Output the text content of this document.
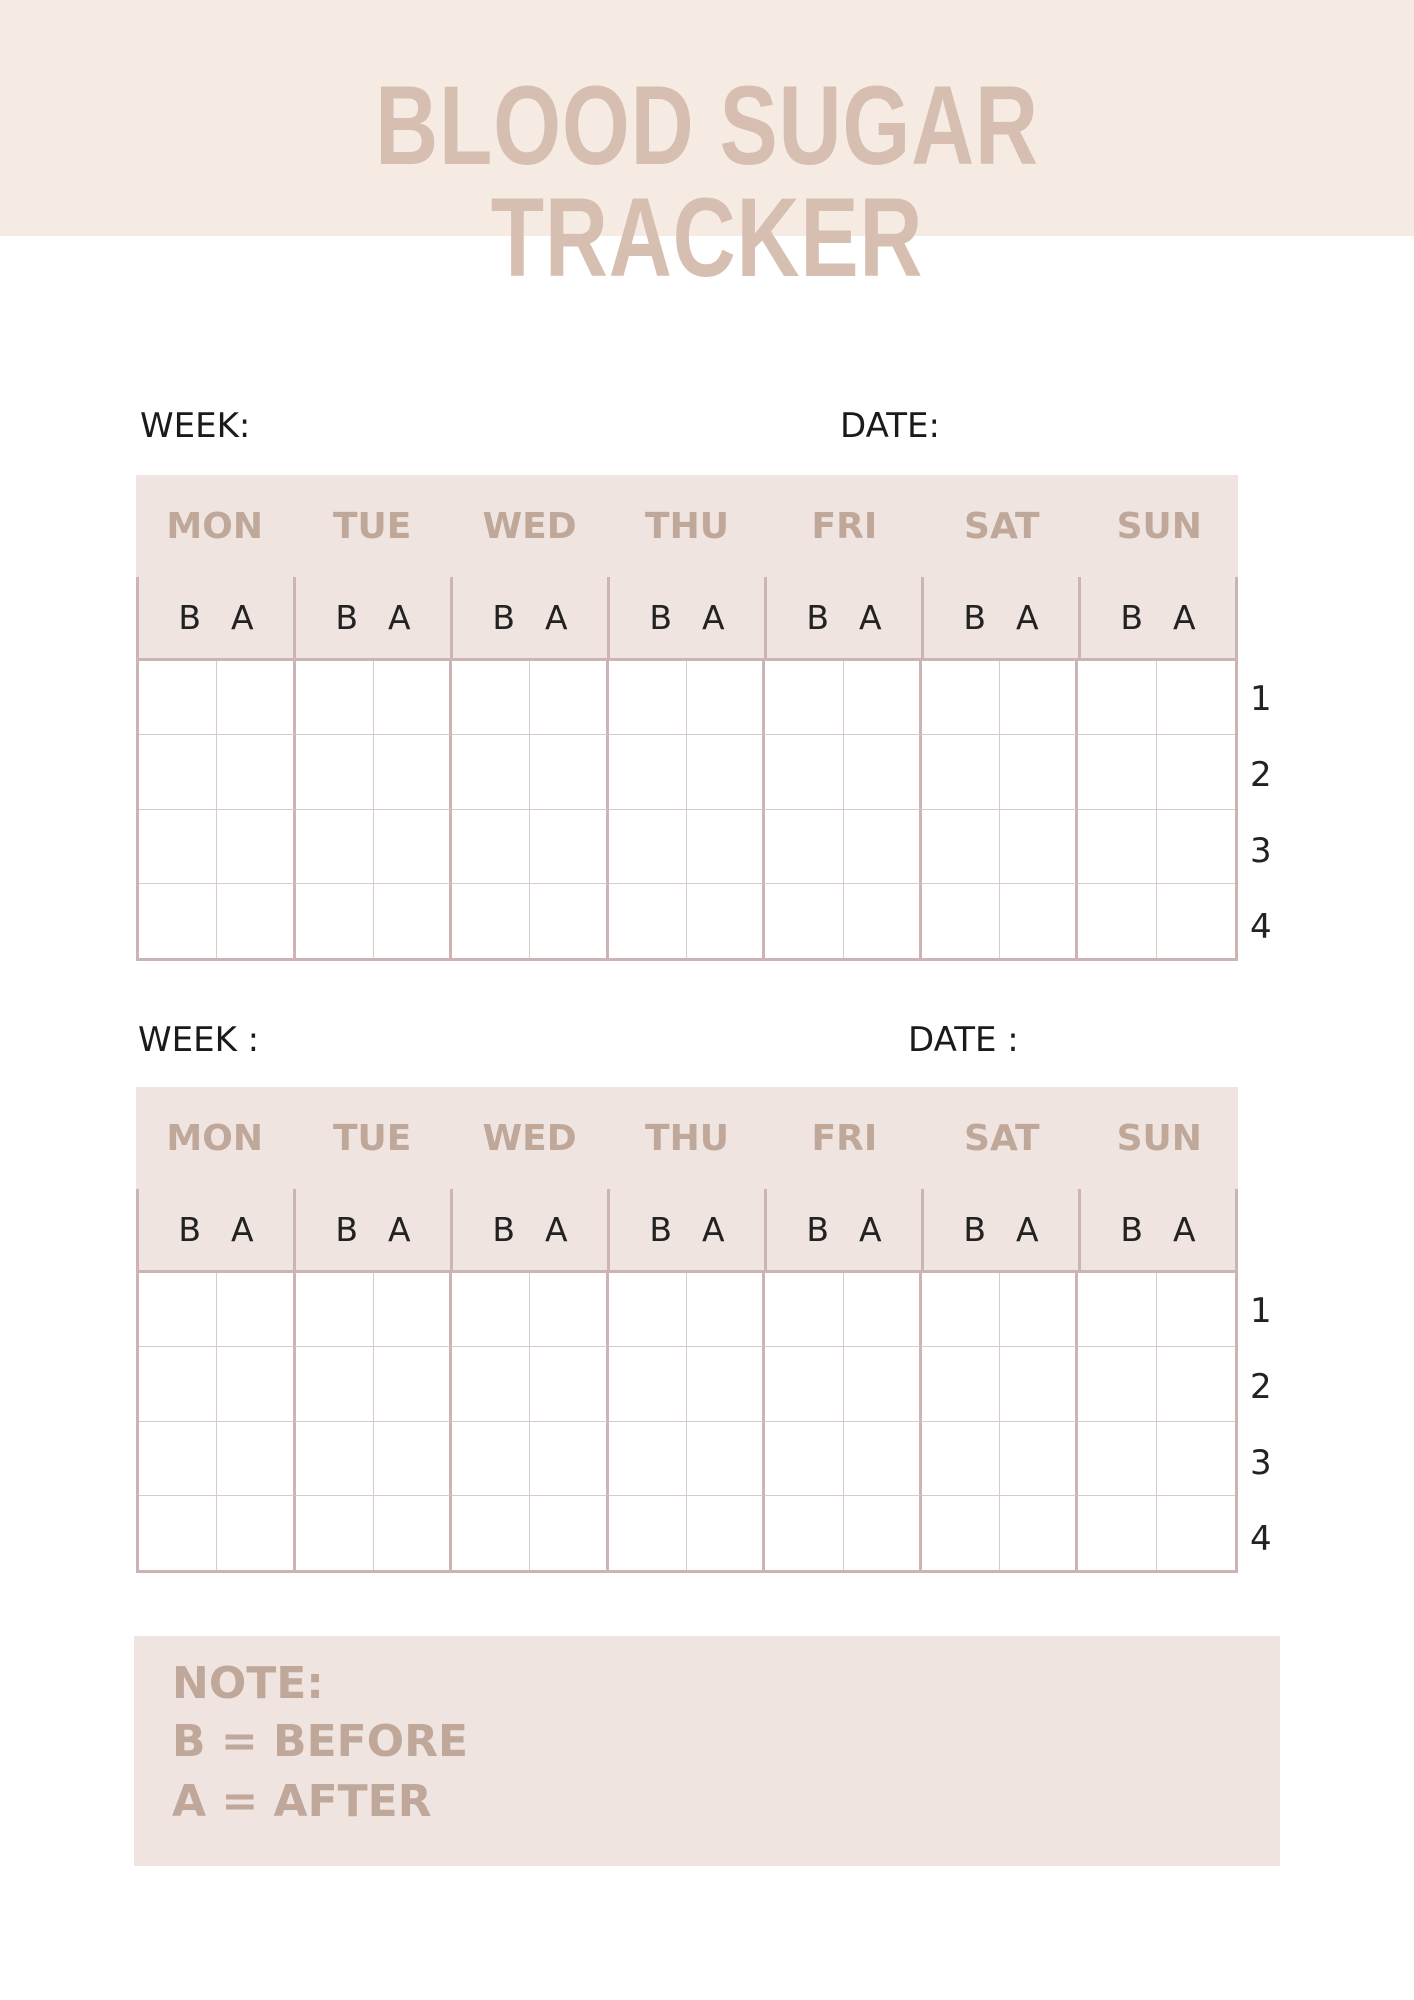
BLOOD SUGAR TRACKER
WEEK:	DATE:
MON	TUE	WED	THU	FRI	SAT	SUN
B A B A B A B A B A B A B A
1
2
3
4
WEEK :	DATE :
MON	TUE	WED	THU	FRI	SAT	SUN
B A B A B A B A B A B A B A
1
2
3
4
NOTE:
B = BEFORE
A = AFTER
